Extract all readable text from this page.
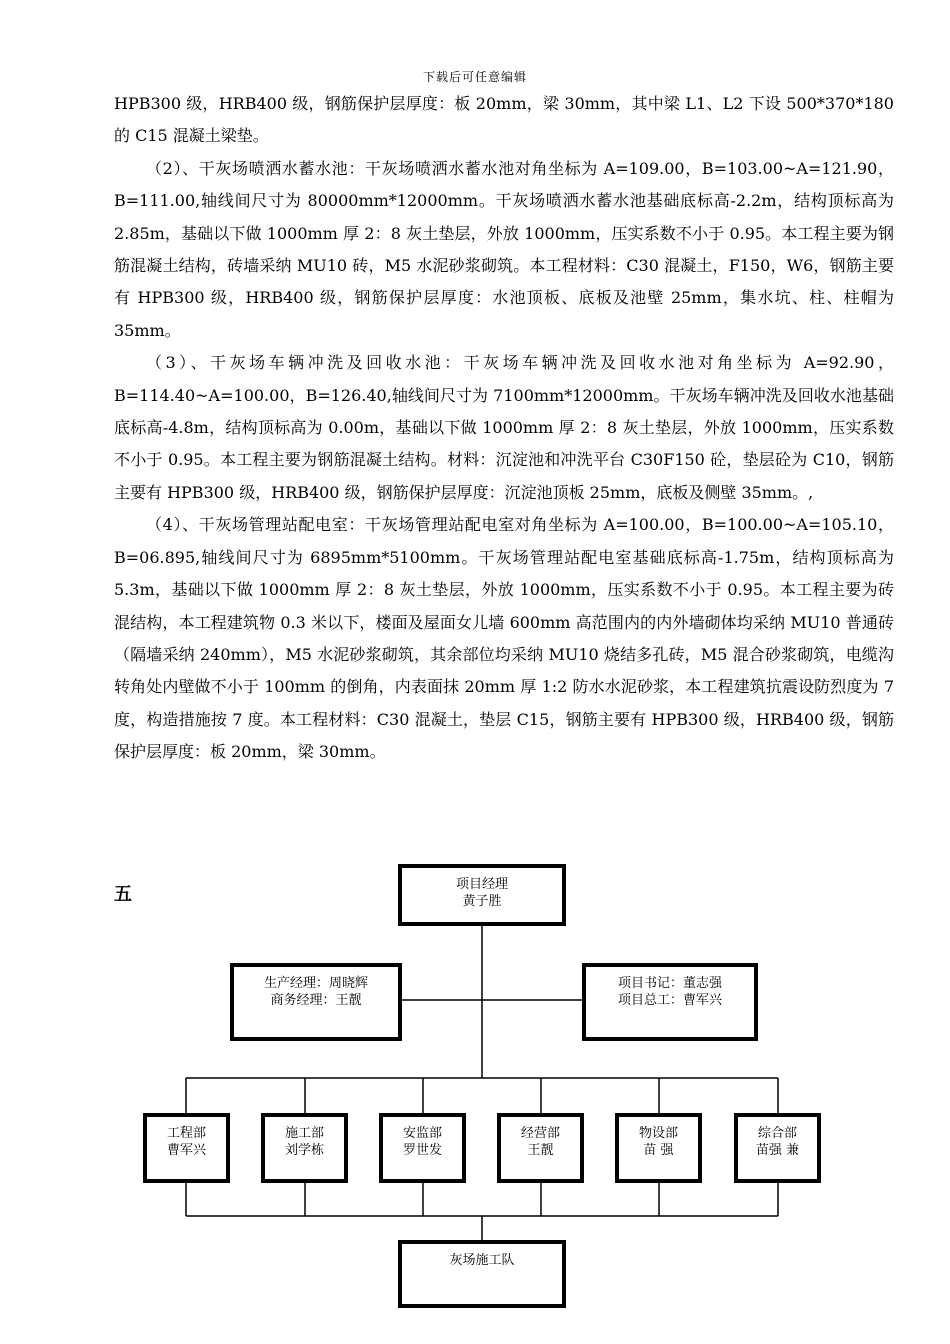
下载后可任意编辑

HPB300 级，HRB400 级，钢筋保护层厚度：板 20mm，梁 30mm，其中梁 L1、L2 下设 500*370*180 的 C15 混凝土梁垫。

（2）、干灰场喷洒水蓄水池：干灰场喷洒水蓄水池对角坐标为 A=109.00，B=103.00~A=121.90，B=111.00,轴线间尺寸为 80000mm*12000mm。干灰场喷洒水蓄水池基础底标高-2.2m，结构顶标高为 2.85m，基础以下做 1000mm 厚 2：8 灰土垫层，外放 1000mm，压实系数不小于 0.95。本工程主要为钢筋混凝土结构，砖墙采纳 MU10 砖，M5 水泥砂浆砌筑。本工程材料：C30 混凝土，F150，W6，钢筋主要有 HPB300 级，HRB400 级，钢筋保护层厚度：水池顶板、底板及池壁 25mm，集水坑、柱、柱帽为 35mm。

（3）、干灰场车辆冲洗及回收水池：干灰场车辆冲洗及回收水池对角坐标为 A=92.90， B=114.40~A=100.00，B=126.40,轴线间尺寸为 7100mm*12000mm。干灰场车辆冲洗及回收水池基础底标高-4.8m，结构顶标高为 0.00m，基础以下做 1000mm 厚 2：8 灰土垫层，外放 1000mm，压实系数不小于 0.95。本工程主要为钢筋混凝土结构。材料：沉淀池和冲洗平台 C30F150 砼，垫层砼为 C10，钢筋主要有 HPB300 级，HRB400 级，钢筋保护层厚度：沉淀池顶板 25mm，底板及侧壁 35mm。,

（4）、干灰场管理站配电室：干灰场管理站配电室对角坐标为 A=100.00，B=100.00~A=105.10，B=06.895,轴线间尺寸为 6895mm*5100mm。干灰场管理站配电室基础底标高-1.75m，结构顶标高为 5.3m，基础以下做 1000mm 厚 2：8 灰土垫层，外放 1000mm，压实系数不小于 0.95。本工程主要为砖混结构，本工程建筑物 0.3 米以下，楼面及屋面女儿墙 600mm 高范围内的内外墙砌体均采纳 MU10 普通砖（隔墙采纳 240mm），M5 水泥砂浆砌筑，其余部位均采纳 MU10 烧结多孔砖，M5 混合砂浆砌筑，电缆沟转角处内壁做不小于 100mm 的倒角，内表面抹 20mm 厚 1:2 防水水泥砂浆，本工程建筑抗震设防烈度为 7 度，构造措施按 7 度。本工程材料：C30 混凝土，垫层 C15，钢筋主要有 HPB300 级，HRB400 级，钢筋保护层厚度：板 20mm，梁 30mm。

五	项目经理
黄子胜
生产经理：周晓辉
商务经理：王靓
项目书记：董志强
项目总工：曹军兴
工程部
曹军兴
施工部
刘学栋
安监部
罗世发
经营部
王靓
物设部
苗 强
综合部
苗强 兼
灰场施工队
